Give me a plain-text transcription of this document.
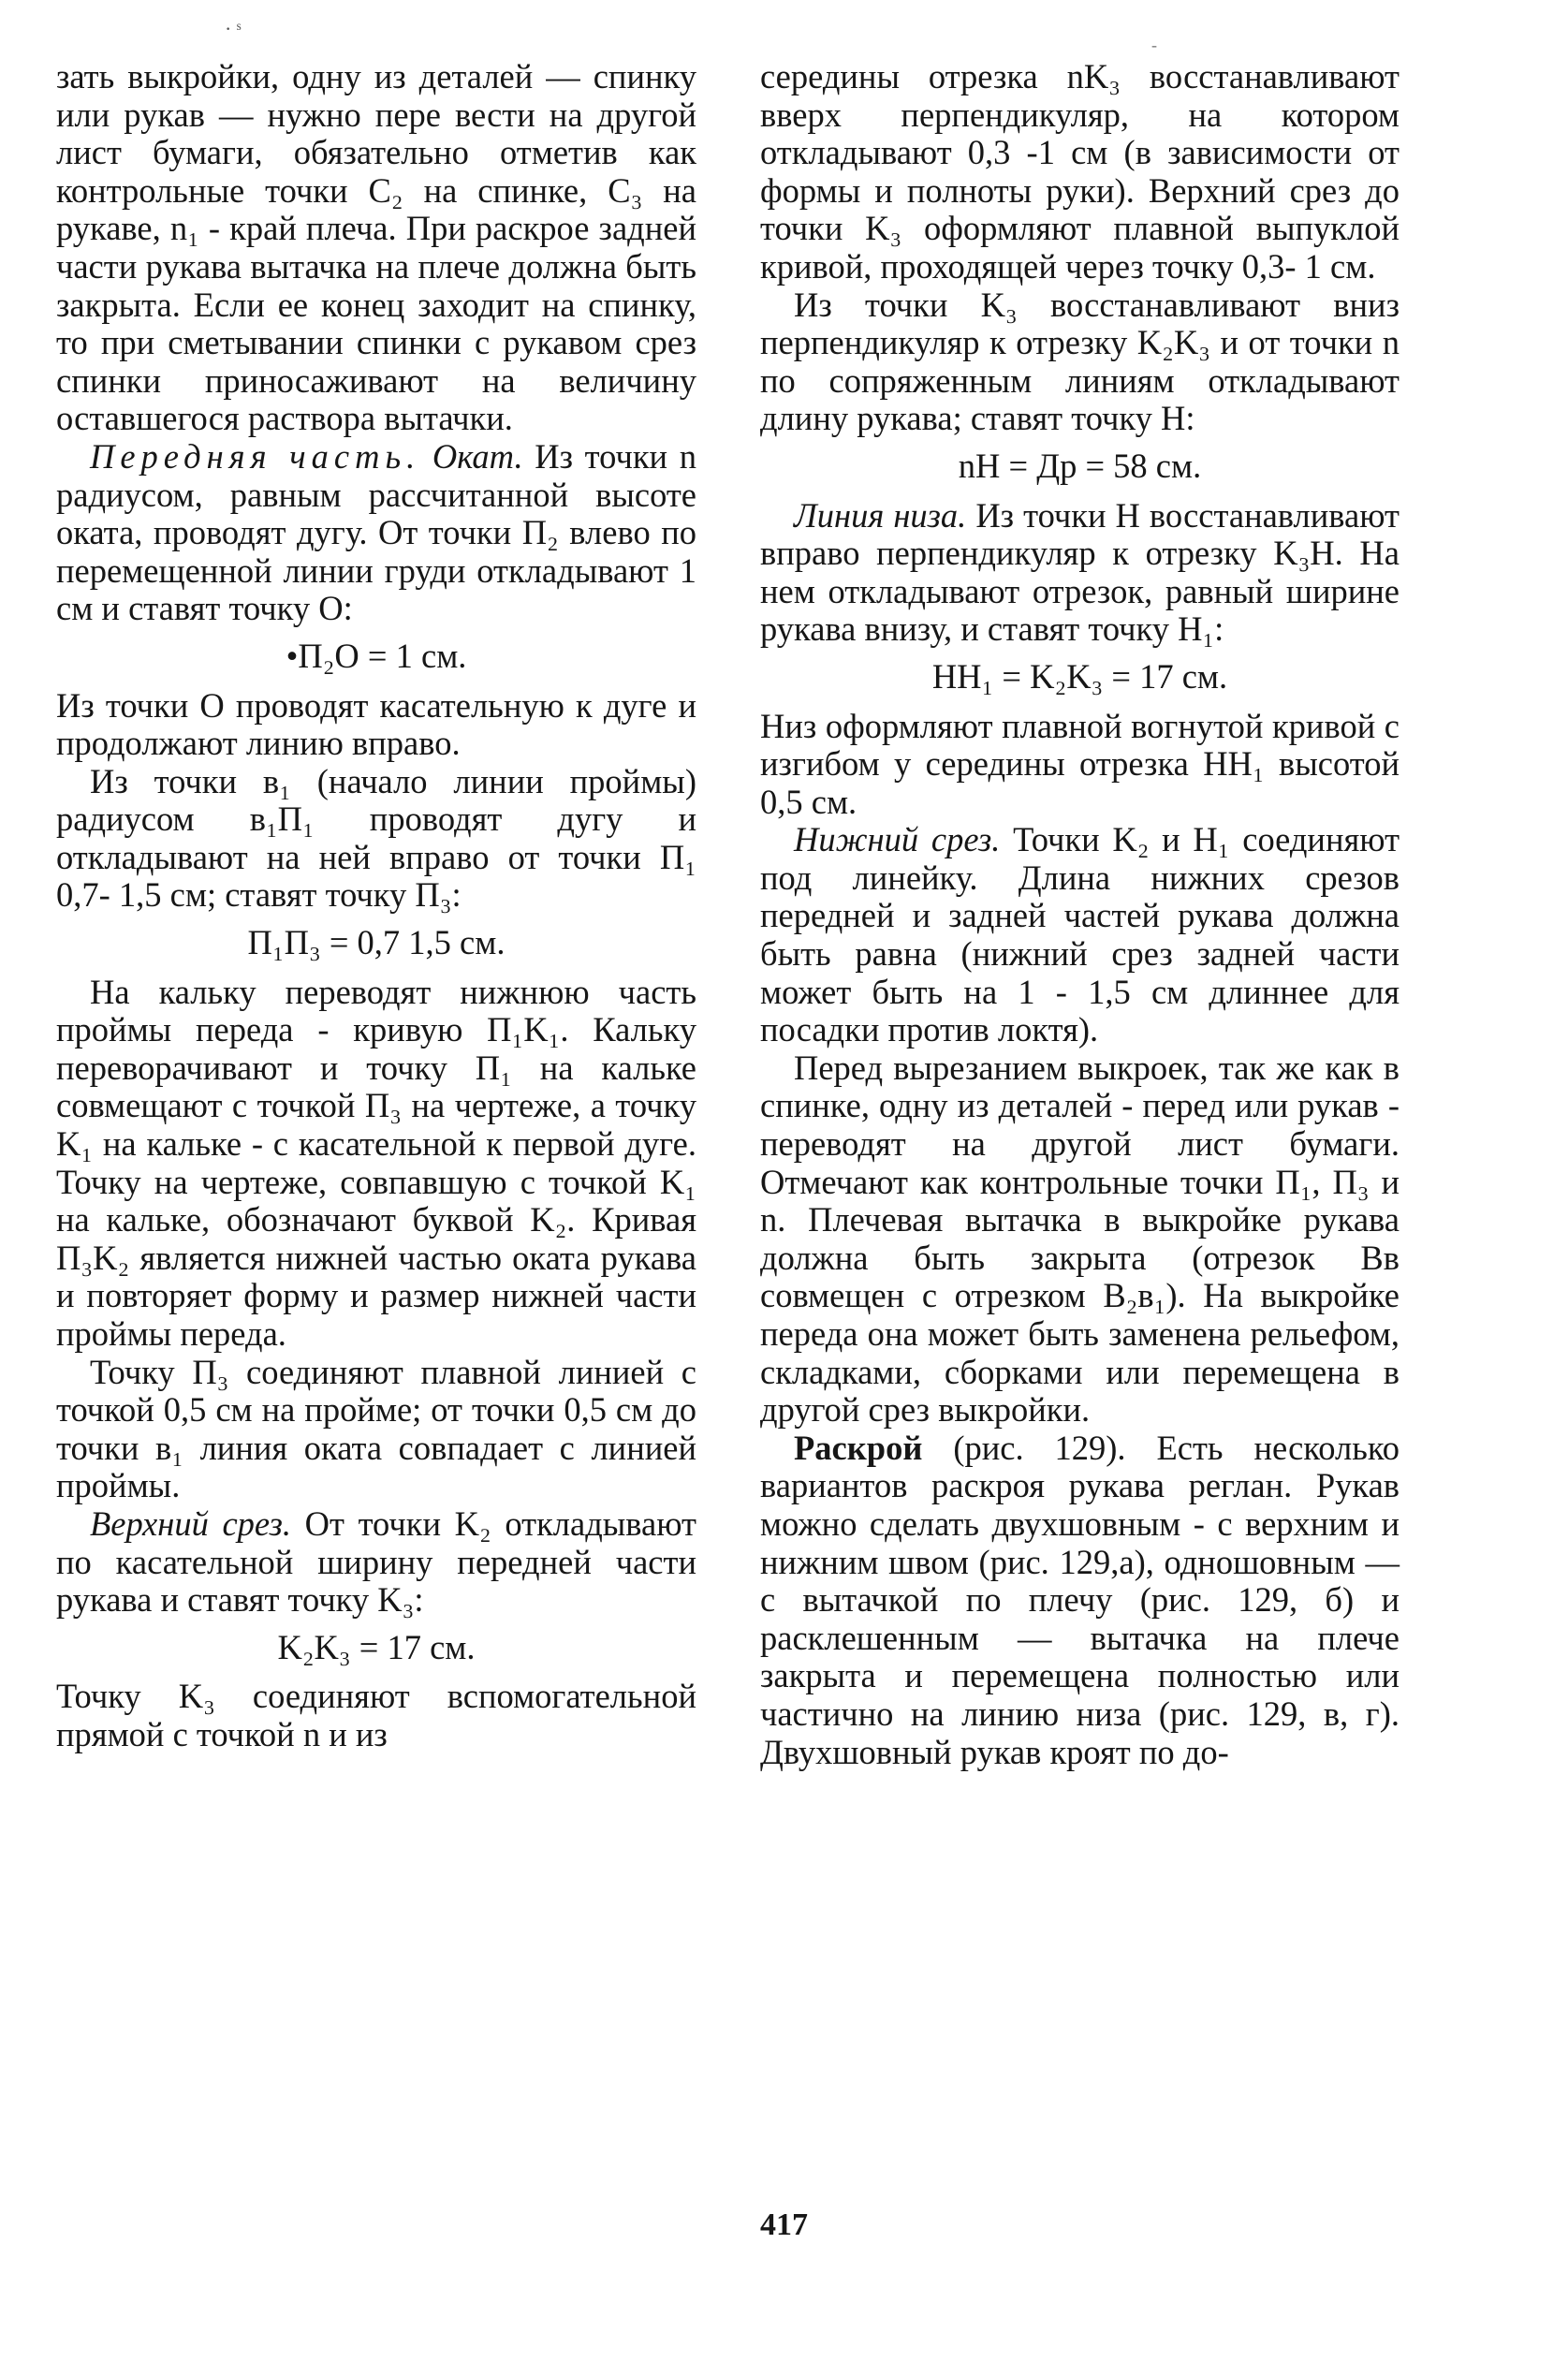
· ˢ
-

зать выкройки, одну из деталей — спинку или рукав — нужно пере вести на другой лист бумаги, обязательно отметив как контрольные точки C₂ на спинке, C₃ на рукаве, n₁ - край плеча. При раскрое задней части рукава вытачка на плече должна быть закрыта. Если ее конец заходит на спинку, то при сметывании спинки с рукавом срез спинки приносаживают на величину оставшегося раствора вытачки.

Передняя часть. Окат. Из точки n радиусом, равным рассчитанной высоте оката, проводят дугу. От точки П₂ влево по перемещенной линии груди откладывают 1 см и ставят точку O:

•П₂O = 1 см.

Из точки O проводят касательную к дуге и продолжают линию вправо.

Из точки в₁ (начало линии проймы) радиусом в₁П₁ проводят дугу и откладывают на ней вправо от точки П₁ 0,7- 1,5 см; ставят точку П₃:

П₁П₃ = 0,7 1,5 см.

На кальку переводят нижнюю часть проймы переда - кривую П₁K₁. Кальку переворачивают и точку П₁ на кальке совмещают с точкой П₃ на чертеже, а точку K₁ на кальке - с касательной к первой дуге. Точку на чертеже, совпавшую с точкой K₁ на кальке, обозначают буквой K₂. Кривая П₃K₂ является нижней частью оката рукава и повторяет форму и размер нижней части проймы переда.

Точку П₃ соединяют плавной линией с точкой 0,5 см на пройме; от точки 0,5 см до точки в₁ линия оката совпадает с линией проймы.

Верхний срез. От точки K₂ откладывают по касательной ширину передней части рукава и ставят точку K₃:

K₂K₃ = 17 см.

Точку K₃ соединяют вспомогательной прямой с точкой n и из

середины отрезка nK₃ восстанавливают вверх перпендикуляр, на котором откладывают 0,3 -1 см (в зависимости от формы и полноты руки). Верхний срез до точки K₃ оформляют плавной выпуклой кривой, проходящей через точку 0,3- 1 см.

Из точки K₃ восстанавливают вниз перпендикуляр к отрезку K₂K₃ и от точки n по сопряженным линиям откладывают длину рукава; ставят точку H:

nH = Др = 58 см.

Линия низа. Из точки H восстанавливают вправо перпендикуляр к отрезку K₃H. На нем откладывают отрезок, равный ширине рукава внизу, и ставят точку H₁:

HH₁ = K₂K₃ = 17 см.

Низ оформляют плавной вогнутой кривой с изгибом у середины отрезка HH₁ высотой 0,5 см.

Нижний срез. Точки K₂ и H₁ соединяют под линейку. Длина нижних срезов передней и задней частей рукава должна быть равна (нижний срез задней части может быть на 1 - 1,5 см длиннее для посадки против локтя).

Перед вырезанием выкроек, так же как в спинке, одну из деталей - перед или рукав - переводят на другой лист бумаги. Отмечают как контрольные точки П₁, П₃ и n. Плечевая вытачка в выкройке рукава должна быть закрыта (отрезок Вв совмещен с отрезком B₂в₁). На выкройке переда она может быть заменена рельефом, складками, сборками или перемещена в другой срез выкройки.

Раскрой (рис. 129). Есть несколько вариантов раскроя рукава реглан. Рукав можно сделать двухшовным - с верхним и нижним швом (рис. 129,а), одношовным — с вытачкой по плечу (рис. 129, б) и расклешенным — вытачка на плече закрыта и перемещена полностью или частично на линию низа (рис. 129, в, г). Двухшовный рукав кроят по до-

417
